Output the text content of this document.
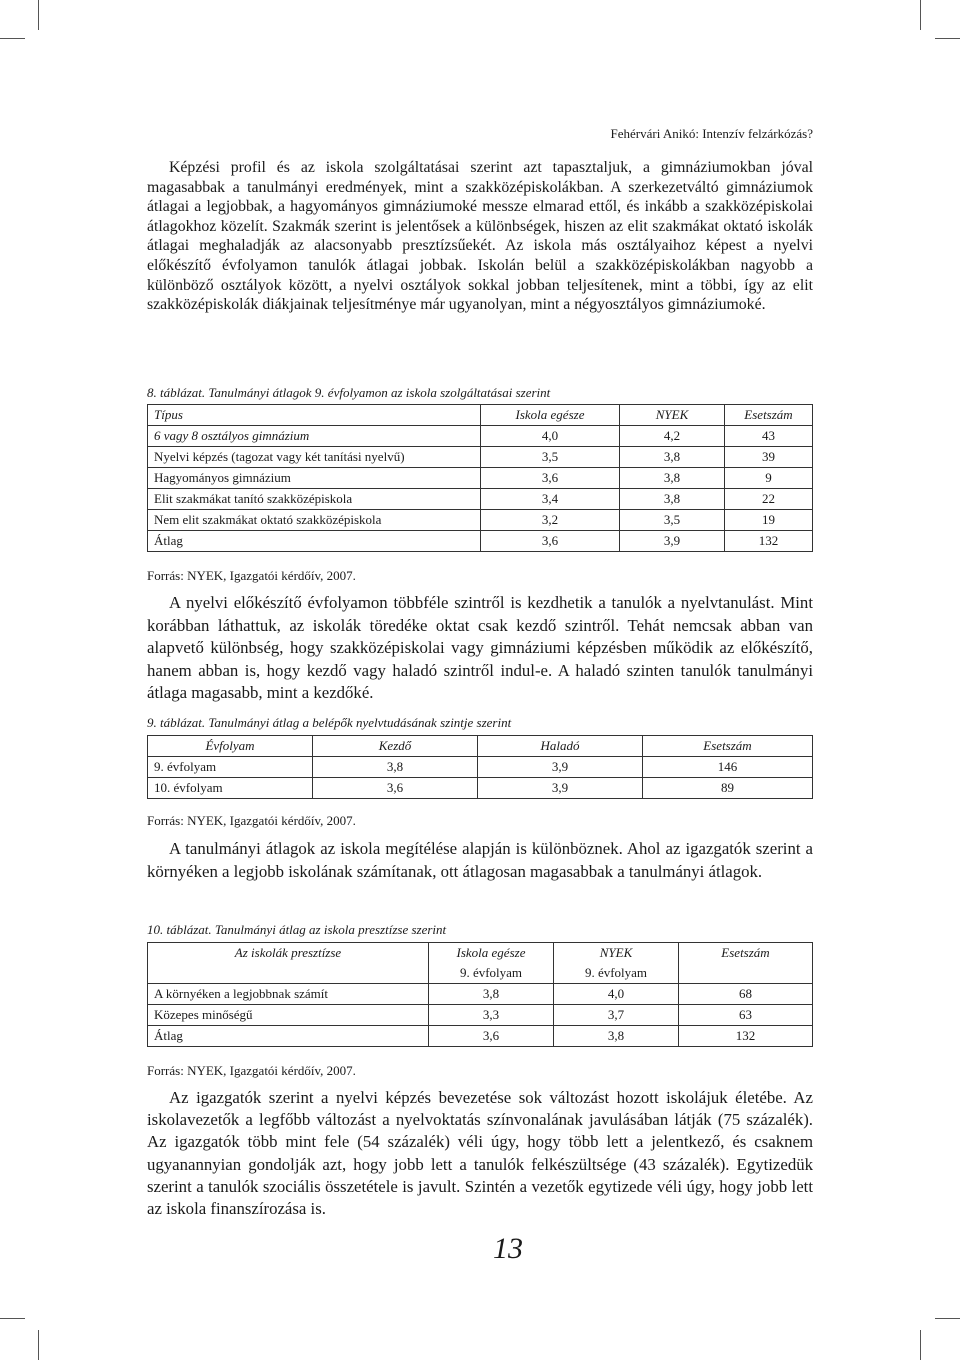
Fehérvári Anikó: Intenzív felzárkózás?

Képzési profil és az iskola szolgáltatásai szerint azt tapasztaljuk, a gimnáziumokban jóval magasabbak a tanulmányi eredmények, mint a szakközépiskolákban. A szerkezetváltó gimnáziumok átlagai a legjobbak, a hagyományos gimnáziumoké messze elmarad ettől, és inkább a szakközépiskolai átlagokhoz közelít. Szakmák szerint is jelentősek a különbségek, hiszen az elit szakmákat oktató iskolák átlagai meghaladják az alacsonyabb presztízsűekét. Az iskola más osztályaihoz képest a nyelvi előkészítő évfolyamon tanulók átlagai jobbak. Iskolán belül a szakközépiskolákban nagyobb a különböző osztályok között, a nyelvi osztályok sokkal jobban teljesítenek, mint a többi, így az elit szakközépiskolák diákjainak teljesítménye már ugyanolyan, mint a négyosztályos gimnáziumoké.

8. táblázat. Tanulmányi átlagok 9. évfolyamon az iskola szolgáltatásai szerint
Típus	Iskola egésze	NYEK	Esetszám
6 vagy 8 osztályos gimnázium	4,0	4,2	43
Nyelvi képzés (tagozat vagy két tanítási nyelvű)	3,5	3,8	39
Hagyományos gimnázium	3,6	3,8	9
Elit szakmákat tanító szakközépiskola	3,4	3,8	22
Nem elit szakmákat oktató szakközépiskola	3,2	3,5	19
Átlag	3,6	3,9	132
Forrás: NYEK, Igazgatói kérdőív, 2007.

A nyelvi előkészítő évfolyamon többféle szintről is kezdhetik a tanulók a nyelvtanulást. Mint korábban láthattuk, az iskolák töredéke oktat csak kezdő szintről. Tehát nemcsak abban van alapvető különbség, hogy szakközépiskolai vagy gimnáziumi képzésben működik az előkészítő, hanem abban is, hogy kezdő vagy haladó szintről indul-e. A haladó szinten tanulók tanulmányi átlaga magasabb, mint a kezdőké.

9. táblázat. Tanulmányi átlag a belépők nyelvtudásának szintje szerint
Évfolyam	Kezdő	Haladó	Esetszám
9. évfolyam	3,8	3,9	146
10. évfolyam	3,6	3,9	89
Forrás: NYEK, Igazgatói kérdőív, 2007.

A tanulmányi átlagok az iskola megítélése alapján is különböznek. Ahol az igazgatók szerint a környéken a legjobb iskolának számítanak, ott átlagosan magasabbak a tanulmányi átlagok.

10. táblázat. Tanulmányi átlag az iskola presztízse szerint
Az iskolák presztízse	Iskola egésze	NYEK	Esetszám
	9. évfolyam	9. évfolyam	
A környéken a legjobbnak számít	3,8	4,0	68
Közepes minőségű	3,3	3,7	63
Átlag	3,6	3,8	132
Forrás: NYEK, Igazgatói kérdőív, 2007.

Az igazgatók szerint a nyelvi képzés bevezetése sok változást hozott iskolájuk életébe. Az iskolavezetők a legfőbb változást a nyelvoktatás színvonalának javulásában látják (75 százalék). Az igazgatók több mint fele (54 százalék) véli úgy, hogy több lett a jelentkező, és csaknem ugyanannyian gondolják azt, hogy jobb lett a tanulók felkészültsége (43 százalék). Egytizedük szerint a tanulók szociális összetétele is javult. Szintén a vezetők egytizede véli úgy, hogy jobb lett az iskola finanszírozása is.

13
